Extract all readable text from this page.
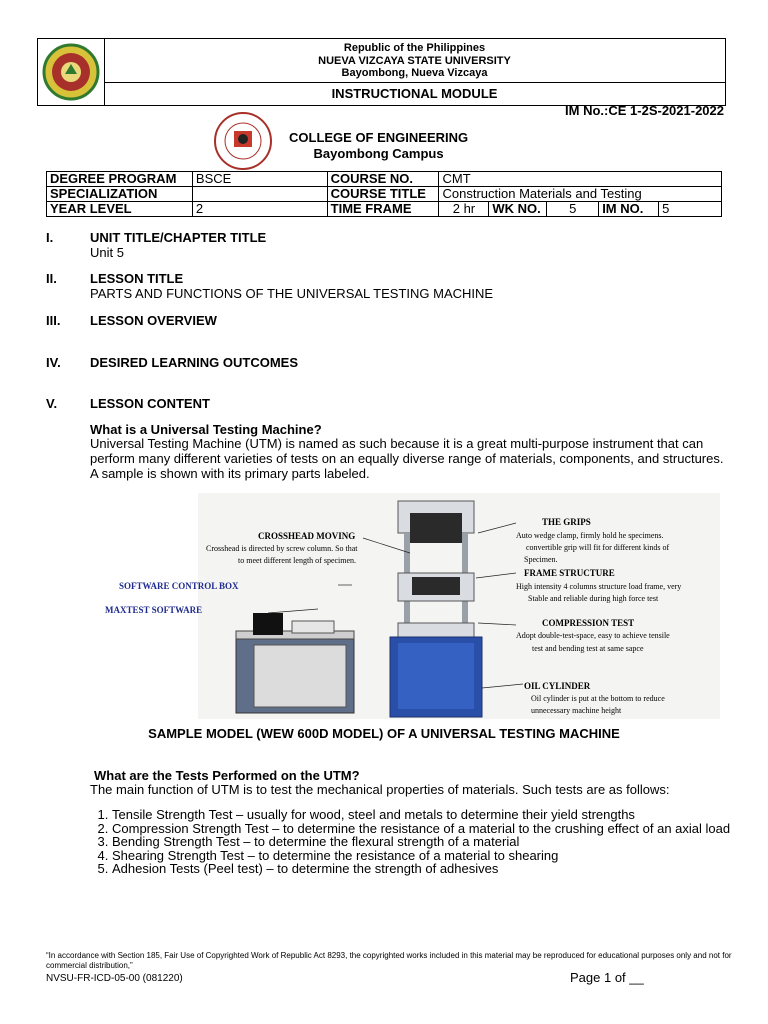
Republic of the Philippines
NUEVA VIZCAYA STATE UNIVERSITY
Bayombong, Nueva Vizcaya
INSTRUCTIONAL MODULE
IM No.:CE 1-2S-2021-2022
COLLEGE OF ENGINEERING
Bayombong Campus
DEGREE PROGRAM	BSCE	COURSE NO.	CMT				
SPECIALIZATION		COURSE TITLE	Construction Materials and Testing				
YEAR LEVEL	2	TIME FRAME	2 hr	WK NO.	5	IM NO.	5
I.	UNIT TITLE/CHAPTER TITLE
Unit 5
II.	LESSON TITLE
PARTS AND FUNCTIONS OF THE UNIVERSAL TESTING MACHINE
III. LESSON OVERVIEW
IV. DESIRED LEARNING OUTCOMES
V.	LESSON CONTENT
What is a Universal Testing Machine?
Universal Testing Machine (UTM) is named as such because it is a great multi-purpose instrument that can perform many different varieties of tests on an equally diverse range of materials, components, and structures. A sample is shown with its primary parts labeled.
CROSSHEAD MOVING
Crosshead is directed by screw column. So that
to meet different length of specimen.
THE GRIPS
Auto wedge clamp, firmly hold he specimens.
convertible grip will fit for different kinds of
Specimen.
FRAME STRUCTURE
High intensity 4 columns structure load frame, very
Stable and reliable during high force test
COMPRESSION TEST
Adopt double-test-space, easy to achieve tensile
test and bending test at same sapce
OIL CYLINDER
Oil cylinder is put at the bottom to reduce
unnecessary machine height
SOFTWARE CONTROL BOX
MAXTEST SOFTWARE
SAMPLE MODEL (WEW 600D MODEL) OF A UNIVERSAL TESTING MACHINE
What are the Tests Performed on the UTM?
The main function of UTM is to test the mechanical properties of materials. Such tests are as follows:
1. Tensile Strength Test – usually for wood, steel and metals to determine their yield strengths
2. Compression Strength Test – to determine the resistance of a material to the crushing effect of an axial load
3. Bending Strength Test – to determine the flexural strength of a material
4. Shearing Strength Test – to determine the resistance of a material to shearing
5. Adhesion Tests (Peel test) – to determine the strength of adhesives
“In accordance with Section 185, Fair Use of Copyrighted Work of Republic Act 8293, the copyrighted works included in this material may be reproduced for educational purposes only and not for commercial distribution,”
NVSU-FR-ICD-05-00 (081220)	Page 1 of __
